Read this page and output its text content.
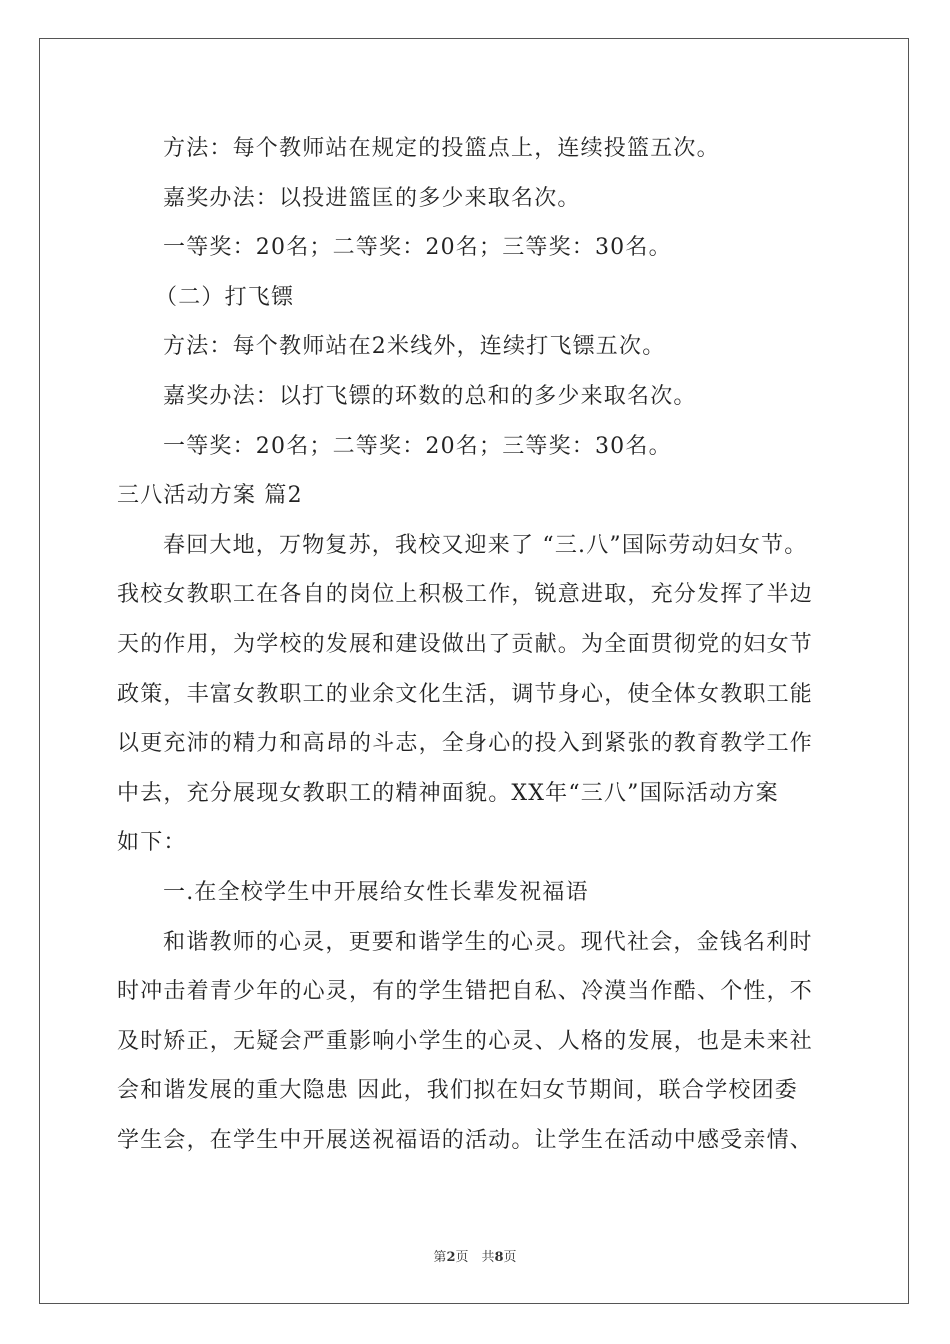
方法：每个教师站在规定的投篮点上，连续投篮五次。
嘉奖办法：以投进篮匡的多少来取名次。
一等奖：20名；二等奖：20名；三等奖：30名。
（二）打飞镖
方法：每个教师站在2米线外，连续打飞镖五次。
嘉奖办法：以打飞镖的环数的总和的多少来取名次。
一等奖：20名；二等奖：20名；三等奖：30名。
三八活动方案 篇2
春回大地，万物复苏，我校又迎来了 “三.八”国际劳动妇女节。
我校女教职工在各自的岗位上积极工作，锐意进取，充分发挥了半边
天的作用，为学校的发展和建设做出了贡献。为全面贯彻党的妇女节
政策，丰富女教职工的业余文化生活，调节身心，使全体女教职工能
以更充沛的精力和高昂的斗志，全身心的投入到紧张的教育教学工作
中去，充分展现女教职工的精神面貌。XX年“三八”国际活动方案
如下：
一.在全校学生中开展给女性长辈发祝福语
和谐教师的心灵，更要和谐学生的心灵。现代社会，金钱名利时
时冲击着青少年的心灵，有的学生错把自私、冷漠当作酷、个性，不
及时矫正，无疑会严重影响小学生的心灵、人格的发展，也是未来社
会和谐发展的重大隐患 因此，我们拟在妇女节期间，联合学校团委
学生会，在学生中开展送祝福语的活动。让学生在活动中感受亲情、
第2页　共8页
